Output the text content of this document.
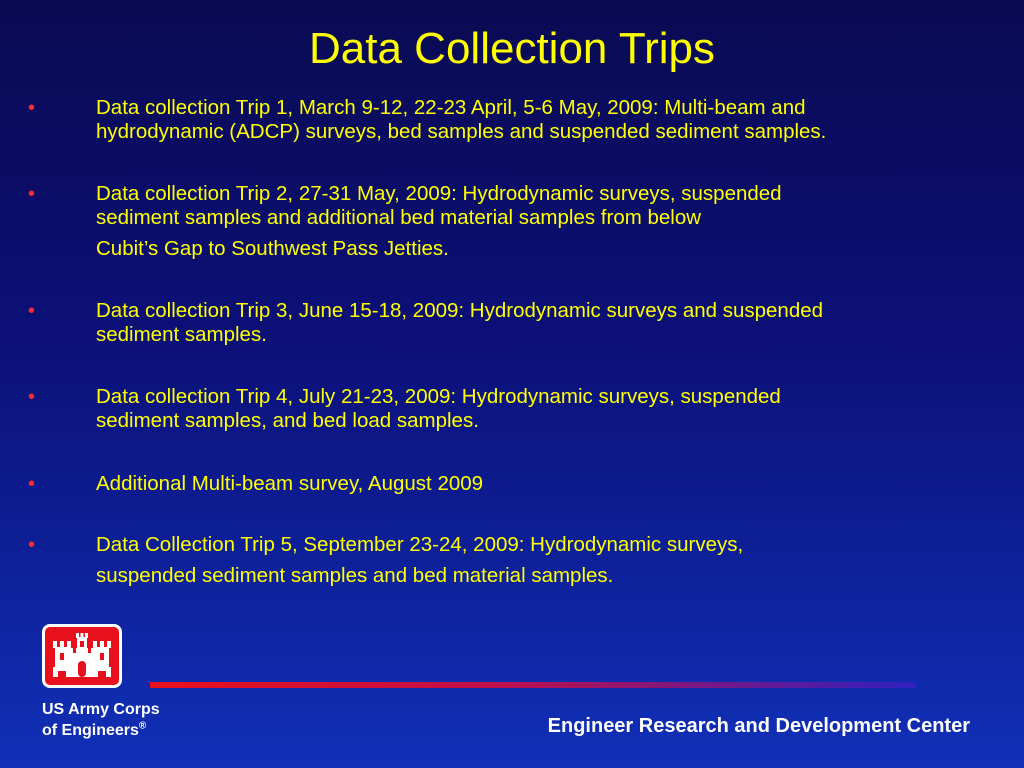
Data Collection Trips
•	Data collection Trip 1, March 9-12, 22-23 April, 5-6 May, 2009: Multi-beam and
hydrodynamic (ADCP) surveys, bed samples and suspended sediment samples.
•	Data collection Trip 2, 27-31 May, 2009: Hydrodynamic surveys, suspended
sediment samples and additional bed material samples from below
Cubit’s Gap to Southwest Pass Jetties.
•	Data collection Trip 3, June 15-18, 2009: Hydrodynamic surveys and suspended
sediment samples.
•	Data collection Trip 4, July 21-23, 2009: Hydrodynamic surveys, suspended
sediment samples, and bed load samples.
•	Additional Multi-beam survey, August 2009
•	Data Collection Trip 5, September 23-24, 2009: Hydrodynamic surveys,
suspended sediment samples and bed material samples.
US Army Corps
of Engineers®	Engineer Research and Development Center
